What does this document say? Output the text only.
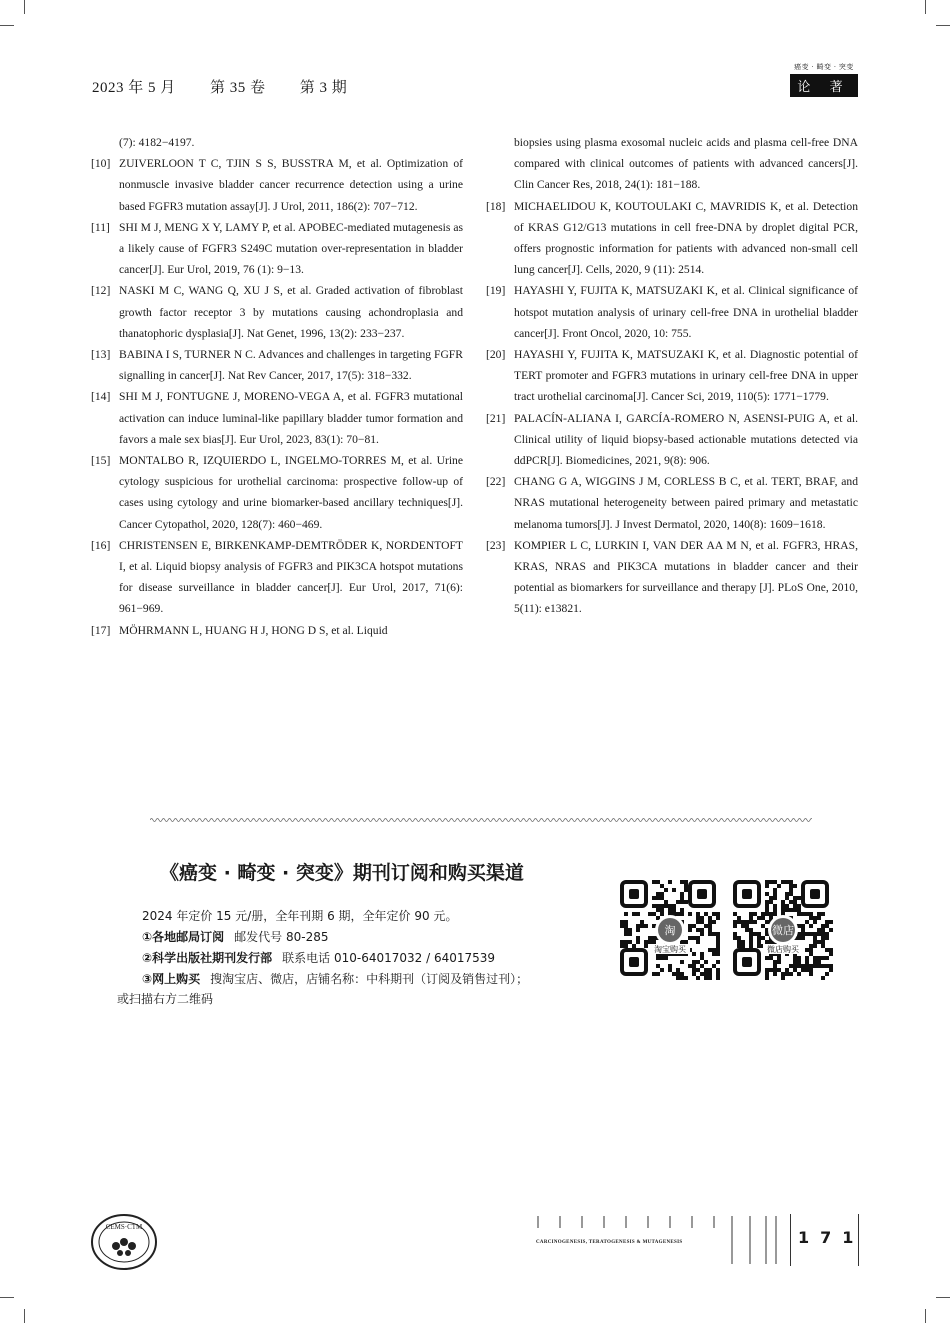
2023 年 5 月 第 35 卷 第 3 期
癌变 · 畸变 · 突变
论 著
(7): 4182−4197.
[10] ZUIVERLOON T C, TJIN S S, BUSSTRA M, et al. Optimization of nonmuscle invasive bladder cancer recurrence detection using a urine based FGFR3 mutation assay[J]. J Urol, 2011, 186(2): 707−712.
[11] SHI M J, MENG X Y, LAMY P, et al. APOBEC-mediated mutagenesis as a likely cause of FGFR3 S249C mutation over-representation in bladder cancer[J]. Eur Urol, 2019, 76 (1): 9−13.
[12] NASKI M C, WANG Q, XU J S, et al. Graded activation of fibroblast growth factor receptor 3 by mutations causing achondroplasia and thanatophoric dysplasia[J]. Nat Genet, 1996, 13(2): 233−237.
[13] BABINA I S, TURNER N C. Advances and challenges in targeting FGFR signalling in cancer[J]. Nat Rev Cancer, 2017, 17(5): 318−332.
[14] SHI M J, FONTUGNE J, MORENO-VEGA A, et al. FGFR3 mutational activation can induce luminal-like papillary bladder tumor formation and favors a male sex bias[J]. Eur Urol, 2023, 83(1): 70−81.
[15] MONTALBO R, IZQUIERDO L, INGELMO-TORRES M, et al. Urine cytology suspicious for urothelial carcinoma: prospective follow-up of cases using cytology and urine biomarker-based ancillary techniques[J]. Cancer Cytopathol, 2020, 128(7): 460−469.
[16] CHRISTENSEN E, BIRKENKAMP-DEMTRÖDER K, NORDENTOFT I, et al. Liquid biopsy analysis of FGFR3 and PIK3CA hotspot mutations for disease surveillance in bladder cancer[J]. Eur Urol, 2017, 71(6): 961−969.
[17] MÖHRMANN L, HUANG H J, HONG D S, et al. Liquid
biopsies using plasma exosomal nucleic acids and plasma cell-free DNA compared with clinical outcomes of patients with advanced cancers[J]. Clin Cancer Res, 2018, 24(1): 181−188.
[18] MICHAELIDOU K, KOUTOULAKI C, MAVRIDIS K, et al. Detection of KRAS G12/G13 mutations in cell free-DNA by droplet digital PCR, offers prognostic information for patients with advanced non-small cell lung cancer[J]. Cells, 2020, 9 (11): 2514.
[19] HAYASHI Y, FUJITA K, MATSUZAKI K, et al. Clinical significance of hotspot mutation analysis of urinary cell-free DNA in urothelial bladder cancer[J]. Front Oncol, 2020, 10: 755.
[20] HAYASHI Y, FUJITA K, MATSUZAKI K, et al. Diagnostic potential of TERT promoter and FGFR3 mutations in urinary cell-free DNA in upper tract urothelial carcinoma[J]. Cancer Sci, 2019, 110(5): 1771−1779.
[21] PALACÍN-ALIANA I, GARCÍA-ROMERO N, ASENSI-PUIG A, et al. Clinical utility of liquid biopsy-based actionable mutations detected via ddPCR[J]. Biomedicines, 2021, 9(8): 906.
[22] CHANG G A, WIGGINS J M, CORLESS B C, et al. TERT, BRAF, and NRAS mutational heterogeneity between paired primary and metastatic melanoma tumors[J]. J Invest Dermatol, 2020, 140(8): 1609−1618.
[23] KOMPIER L C, LURKIN I, VAN DER AA M N, et al. FGFR3, HRAS, KRAS, NRAS and PIK3CA mutations in bladder cancer and their potential as biomarkers for surveillance and therapy [J]. PLoS One, 2010, 5(11): e13821.
《癌变 · 畸变 · 突变》期刊订阅和购买渠道
2024 年定价 15 元/册，全年刊期 6 期，全年定价 90 元。
①各地邮局订阅 邮发代号 80-285
②科学出版社期刊发行部 联系电话 010-64017032 / 64017539
③网上购买 搜淘宝店、微店，店铺名称：中科期刊（订阅及销售过刊）；
或扫描右方二维码
淘
淘宝购买
微店
微店购买
CEMS·CTM
CARCINOGENESIS, TERATOGENESIS & MUTAGENESIS	171
